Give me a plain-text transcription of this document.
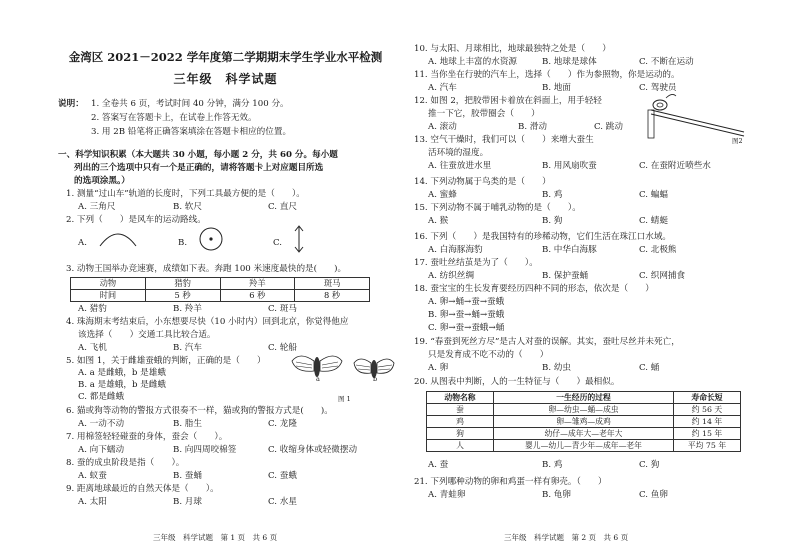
金湾区 2021－2022 学年度第二学期期末学生学业水平检测
三年级　科学试题
说明： 1. 全卷共 6 页，考试时间 40 分钟，满分 100 分。
2. 答案写在答题卡上，在试卷上作答无效。
3. 用 2B 铅笔将正确答案填涂在答题卡相应的位置。
一、科学知识积累（本大题共 30 小题，每小题 2 分，共 60 分。每小题
列出的三个选项中只有一个是正确的，请将答题卡上对应题目所选
的选项涂黑。）
1. 测量“过山车”轨道的长度时，下列工具最方便的是（　　）。
A. 三角尺	B. 软尺	C. 直尺
2. 下列（　　）是风车的运动路线。
A.	B.	C.
3. 动物王国举办竞速赛，成绩如下表。奔跑 100 米速度最快的是(　　)。
动物	猎豹	羚羊	斑马
时间	5 秒	6 秒	8 秒
A. 猎豹	B. 羚羊	C. 斑马
4. 珠海期末考结束后，小东想要尽快（10 小时内）回到北京，你觉得他应
该选择（　　）交通工具比较合适。
A. 飞机	B. 汽车	C. 轮船
5. 如图 1，关于雌雄蚕蛾的判断，正确的是（　　）
A. a 是雌蛾，b 是雄蛾
B. a 是雄蛾，b 是雌蛾
C. 都是雌蛾
a	b
图 1
6. 猫或狗等动物的警报方式很奏不一样，猫或狗的警报方式是(　　)。
A. 一动不动	B. 脂生	C. 龙隆
7. 用棉签轻轻碰蚕的身体，蚕会（　　）。
A. 向下蠕动	B. 向四周咬棉签	C. 收缩身体或轻微摆动
8. 蚕的成虫阶段是指（　　）。
A. 蚁蚕	B. 蚕蛹	C. 蚕蛾
9. 距离地球最近的自然天体是（　　）。
A. 太阳	B. 月球	C. 水星
三年级　科学试题　第 1 页　共 6 页
10. 与太阳、月球相比，地球最独特之处是（　　）
A. 地球上丰富的水资源	B. 地球是球体	C. 不断在运动
11. 当你坐在行驶的汽车上，选择（　　）作为参照物，你是运动的。
A. 汽车	B. 地面	C. 驾驶员
12. 如图 2，把胶带困卡着放在斜面上，用手轻轻
推一下它，胶带圈会（　　）
A. 滚动	B. 滑动	C. 跳动
图2
13. 空气干燥时，我们可以（　　）来增大蚕生
活环境的湿度。
A. 往蚕放进水里	B. 用风扇吹蚕	C. 在蚕附近喷些水
14. 下列动物属于鸟类的是（　　）
A. 蜜蜂	B. 鸡	C. 蝙蝠
15. 下列动物不属于哺乳动物的是（　　）。
A. 猴	B. 狗	C. 蜻蜓
16. 下列（　　）是我国特有的珍稀动物，它们生活在珠江口水域。
A. 白海豚海豹	B. 中华白海豚	C. 北极熊
17. 蚕吐丝结茧是为了（　　）。
A. 纺织丝绸	B. 保护蚕蛹	C. 织网捕食
18. 蚕宝宝的生长发育要经历四种不同的形态，依次是（　　）
A. 卵→蛹→蚕→蚕蛾
B. 卵→蚕→蛹→蚕蛾
C. 卵→蚕→蚕蛾→蛹
19. “春蚕到死丝方尽”是古人对蚕的误解。其实，蚕吐尽丝并未死亡，
只是发育成不吃不动的（　　）
A. 卵	B. 幼虫	C. 蛹
20. 从图表中判断，人的一生特征与（　　）最相似。
动物名称	一生经历的过程	寿命长短
蚕	卵—幼虫—蛹—成虫	约 56 天
鸡	卵—雏鸡—成鸡	约 14 年
狗	幼仔—成年大—老年大	约 15 年
人	婴儿—幼儿—青少年—成年—老年	平均 75 年
A. 蚕	B. 鸡	C. 狗
21. 下列哪种动物的卵和鸡蛋一样有卵壳。（　　）
A. 青蛙卵	B. 龟卵	C. 鱼卵
三年级　科学试题　第 2 页　共 6 页
